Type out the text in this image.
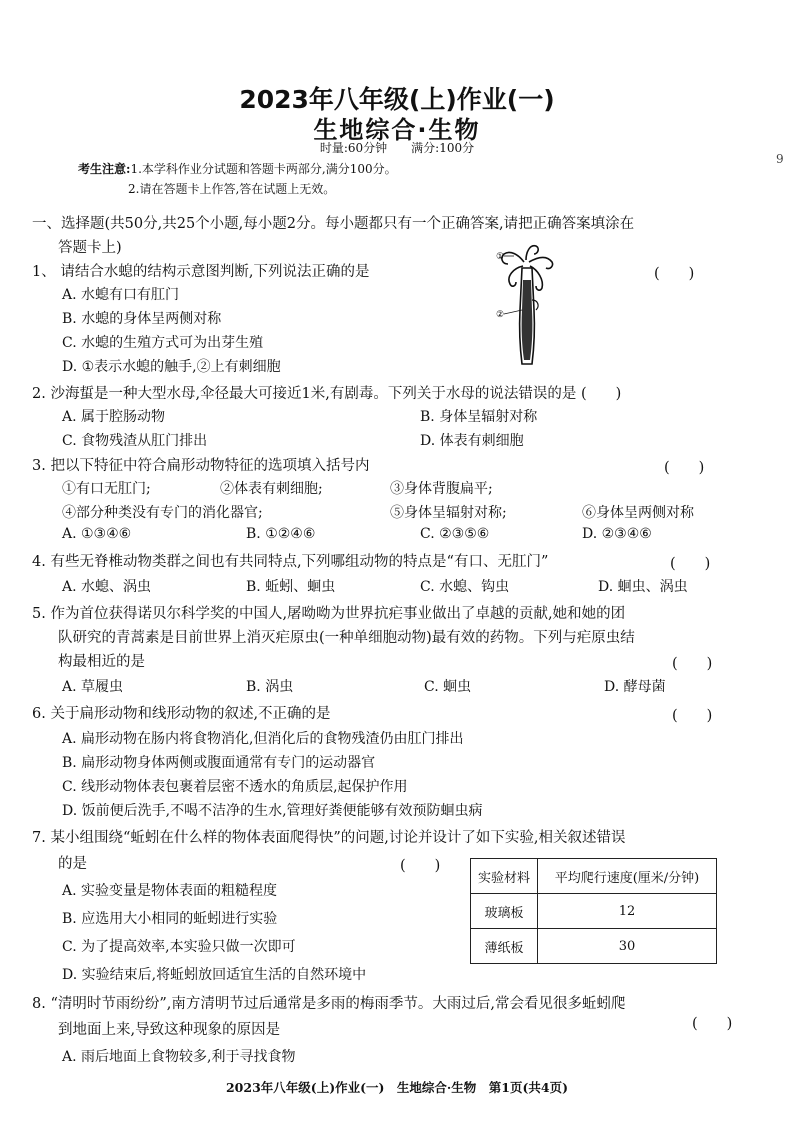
2023年八年级(上)作业(一)
生地综合·生物
时量:60分钟　　满分:100分
考生注意:1.本学科作业分试题和答题卡两部分,满分100分。
2.请在答题卡上作答,答在试题上无效。
9
一、选择题(共50分,共25个小题,每小题2分。每小题都只有一个正确答案,请把正确答案填涂在
答题卡上)
1、 请结合水螅的结构示意图判断,下列说法正确的是	(　　)
A. 水螅有口有肛门
B. 水螅的身体呈两侧对称
C. 水螅的生殖方式可为出芽生殖
D. ①表示水螅的触手,②上有刺细胞
①
②
2. 沙海蜇是一种大型水母,伞径最大可接近1米,有剧毒。下列关于水母的说法错误的是 (　　)
A. 属于腔肠动物	B. 身体呈辐射对称
C. 食物残渣从肛门排出	D. 体表有刺细胞
3. 把以下特征中符合扁形动物特征的选项填入括号内	(　　)
①有口无肛门;	②体表有刺细胞;	③身体背腹扁平;
④部分种类没有专门的消化器官;	⑤身体呈辐射对称;	⑥身体呈两侧对称
A. ①③④⑥	B. ①②④⑥	C. ②③⑤⑥	D. ②③④⑥
4. 有些无脊椎动物类群之间也有共同特点,下列哪组动物的特点是“有口、无肛门”	(　　)
A. 水螅、涡虫	B. 蚯蚓、蛔虫	C. 水螅、钩虫	D. 蛔虫、涡虫
5. 作为首位获得诺贝尔科学奖的中国人,屠呦呦为世界抗疟事业做出了卓越的贡献,她和她的团
队研究的青蒿素是目前世界上消灭疟原虫(一种单细胞动物)最有效的药物。下列与疟原虫结
构最相近的是	(　　)
A. 草履虫	B. 涡虫	C. 蛔虫	D. 酵母菌
6. 关于扁形动物和线形动物的叙述,不正确的是	(　　)
A. 扁形动物在肠内将食物消化,但消化后的食物残渣仍由肛门排出
B. 扁形动物身体两侧或腹面通常有专门的运动器官
C. 线形动物体表包裹着层密不透水的角质层,起保护作用
D. 饭前便后洗手,不喝不洁净的生水,管理好粪便能够有效预防蛔虫病
7. 某小组围绕“蚯蚓在什么样的物体表面爬得快”的问题,讨论并设计了如下实验,相关叙述错误
的是	(　　)
A. 实验变量是物体表面的粗糙程度
B. 应选用大小相同的蚯蚓进行实验
C. 为了提高效率,本实验只做一次即可
D. 实验结束后,将蚯蚓放回适宜生活的自然环境中
实验材料	平均爬行速度(厘米/分钟)
玻璃板	12
薄纸板	30
8. “清明时节雨纷纷”,南方清明节过后通常是多雨的梅雨季节。大雨过后,常会看见很多蚯蚓爬
到地面上来,导致这种现象的原因是	(　　)
A. 雨后地面上食物较多,利于寻找食物
2023年八年级(上)作业(一)　生地综合·生物　第1页(共4页)
